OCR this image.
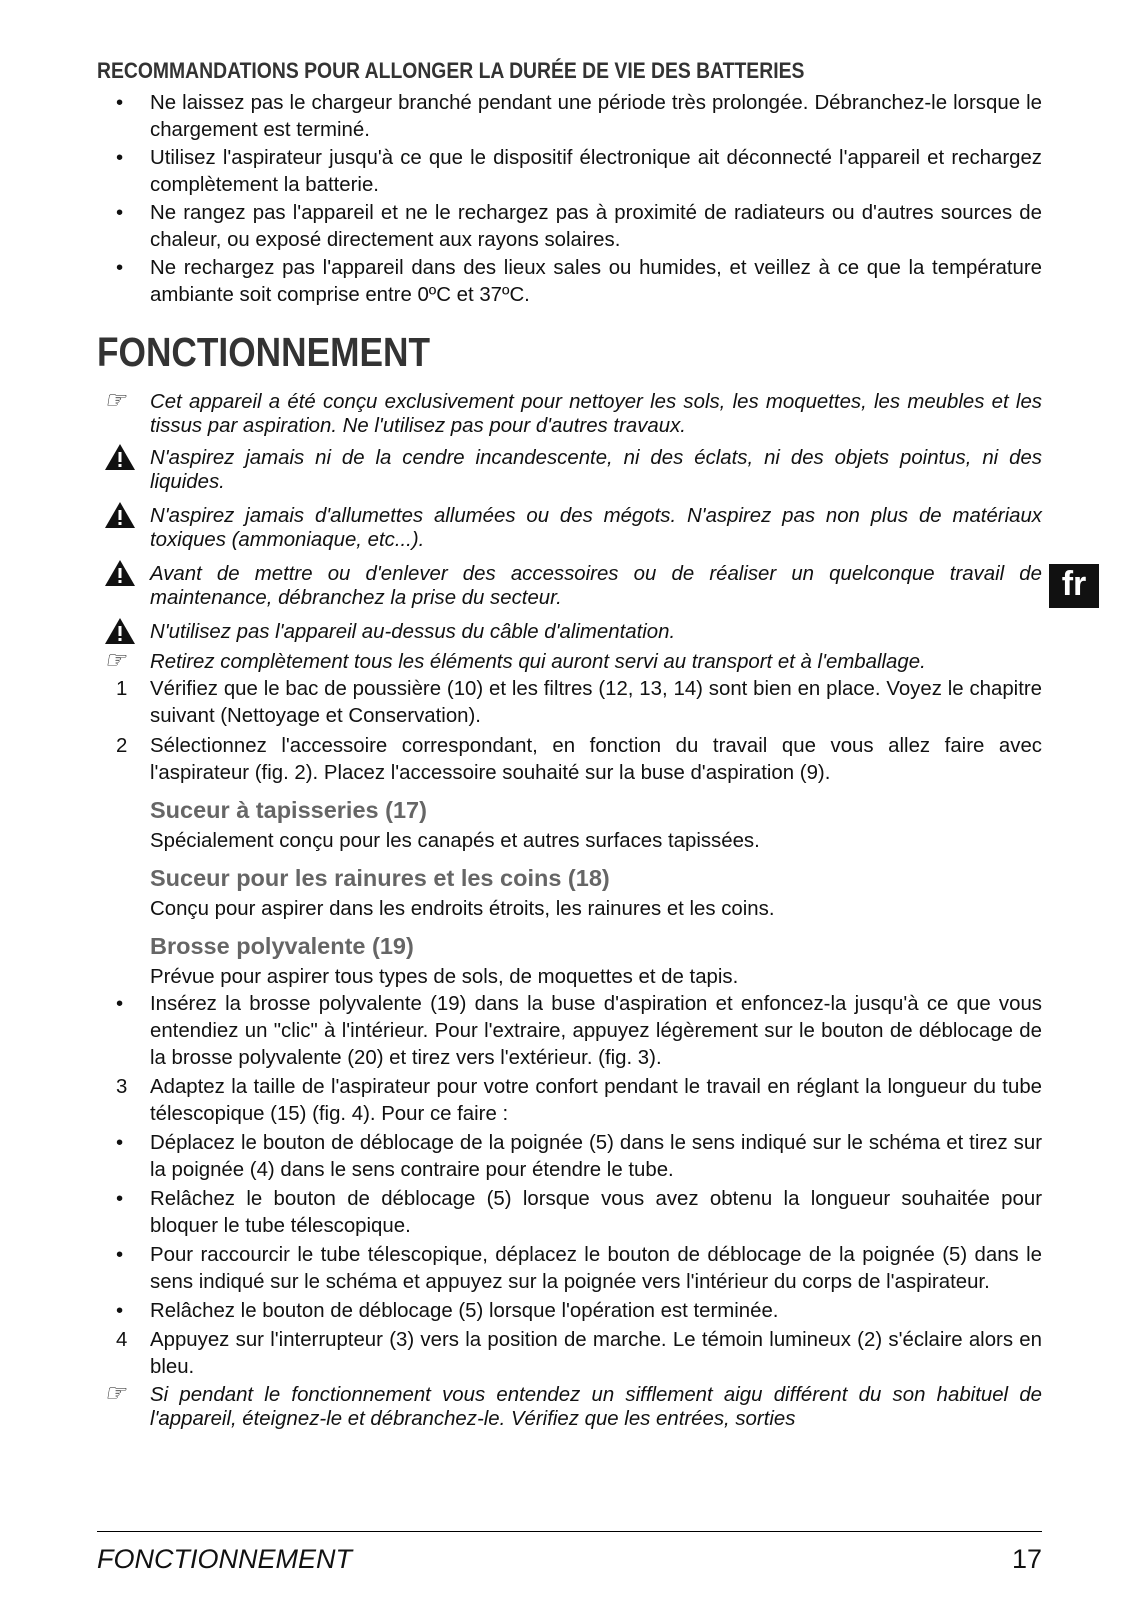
RECOMMANDATIONS POUR ALLONGER LA DURÉE DE VIE DES BATTERIES
•	Ne laissez pas le chargeur branché pendant une période très prolongée. Débranchez-le lorsque le chargement est terminé.
•	Utilisez l'aspirateur jusqu'à ce que le dispositif électronique ait déconnecté l'appareil et rechargez complètement la batterie.
•	Ne rangez pas l'appareil et ne le rechargez pas à proximité de radiateurs ou d'autres sources de chaleur, ou exposé directement aux rayons solaires.
•	Ne rechargez pas l'appareil dans des lieux sales ou humides, et veillez à ce que la température ambiante soit comprise entre 0ºC et 37ºC.
FONCTIONNEMENT
☞	Cet appareil a été conçu exclusivement pour nettoyer les sols, les moquettes, les meubles et les tissus par aspiration. Ne l'utilisez pas pour d'autres travaux.
N'aspirez jamais ni de la cendre incandescente, ni des éclats, ni des objets pointus, ni des liquides.
N'aspirez jamais d'allumettes allumées ou des mégots. N'aspirez pas non plus de matériaux toxiques (ammoniaque, etc...).
Avant de mettre ou d'enlever des accessoires ou de réaliser un quelconque travail de maintenance, débranchez la prise du secteur.
N'utilisez pas l'appareil au-dessus du câble d'alimentation.
☞	Retirez complètement tous les éléments qui auront servi au transport et à l'emballage.
1	Vérifiez que le bac de poussière (10) et les filtres (12, 13, 14) sont bien en place. Voyez le chapitre suivant (Nettoyage et Conservation).
2	Sélectionnez l'accessoire correspondant, en fonction du travail que vous allez faire avec l'aspirateur (fig. 2). Placez l'accessoire souhaité sur la buse d'aspiration (9).
Suceur à tapisseries (17)
Spécialement conçu pour les canapés et autres surfaces tapissées.
Suceur pour les rainures et les coins (18)
Conçu pour aspirer dans les endroits étroits, les rainures et les coins.
Brosse polyvalente (19)
Prévue pour aspirer tous types de sols, de moquettes et de tapis.
•	Insérez la brosse polyvalente (19) dans la buse d'aspiration et enfoncez-la jusqu'à ce que vous entendiez un "clic" à l'intérieur. Pour l'extraire, appuyez légèrement sur le bouton de déblocage de la brosse polyvalente (20) et tirez vers l'extérieur. (fig. 3).
3	Adaptez la taille de l'aspirateur pour votre confort pendant le travail en réglant la longueur du tube télescopique (15) (fig. 4). Pour ce faire :
•	Déplacez le bouton de déblocage de la poignée (5) dans le sens indiqué sur le schéma et tirez sur la poignée (4) dans le sens contraire pour étendre le tube.
•	Relâchez le bouton de déblocage (5) lorsque vous avez obtenu la longueur souhaitée pour bloquer le tube télescopique.
•	Pour raccourcir le tube télescopique, déplacez le bouton de déblocage de la poignée (5) dans le sens indiqué sur le schéma et appuyez sur la poignée vers l'intérieur du corps de l'aspirateur.
•	Relâchez le bouton de déblocage (5) lorsque l'opération est terminée.
4	Appuyez sur l'interrupteur (3) vers la position de marche. Le témoin lumineux (2) s'éclaire alors en bleu.
☞	Si pendant le fonctionnement vous entendez un sifflement aigu différent du son habituel de l'appareil, éteignez-le et débranchez-le. Vérifiez que les entrées, sorties
fr
FONCTIONNEMENT	17
